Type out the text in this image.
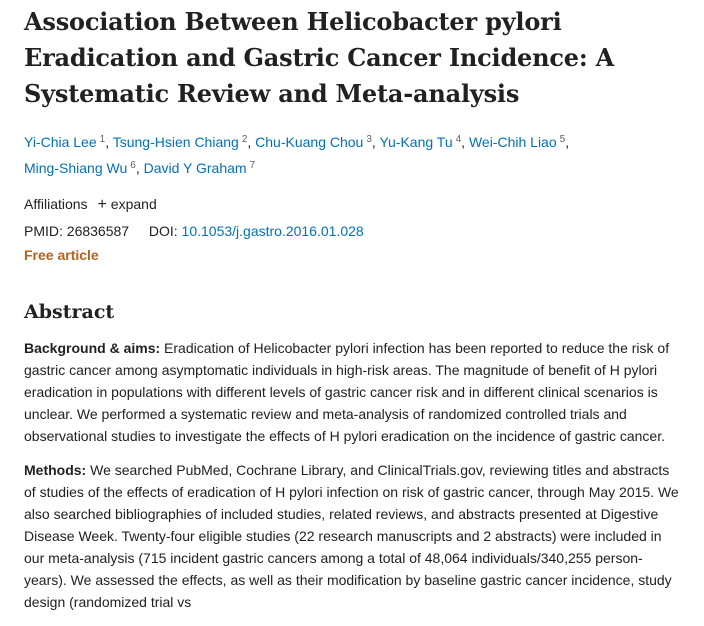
Association Between Helicobacter pylori Eradication and Gastric Cancer Incidence: A Systematic Review and Meta-analysis
Yi-Chia Lee $^1$, Tsung-Hsien Chiang $^2$, Chu-Kuang Chou $^3$, Yu-Kang Tu $^4$, Wei-Chih Liao $^5$,
Ming-Shiang Wu $^6$, David Y Graham $^7$
Affiliations + expand
PMID: 26836587 DOI: 10.1053/j.gastro.2016.01.028
Free article
Abstract

Background & aims: Eradication of Helicobacter pylori infection has been reported to reduce the risk of gastric cancer among asymptomatic individuals in high-risk areas. The magnitude of benefit of H pylori eradication in populations with different levels of gastric cancer risk and in different clinical scenarios is unclear. We performed a systematic review and meta-analysis of randomized controlled trials and observational studies to investigate the effects of H pylori eradication on the incidence of gastric cancer.

Methods: We searched PubMed, Cochrane Library, and ClinicalTrials.gov, reviewing titles and abstracts of studies of the effects of eradication of H pylori infection on risk of gastric cancer, through May 2015. We also searched bibliographies of included studies, related reviews, and abstracts presented at Digestive Disease Week. Twenty-four eligible studies (22 research manuscripts and 2 abstracts) were included in our meta-analysis (715 incident gastric cancers among a total of 48,064 individuals/340,255 person-years). We assessed the effects, as well as their modification by baseline gastric cancer incidence, study design (randomized trial vs
